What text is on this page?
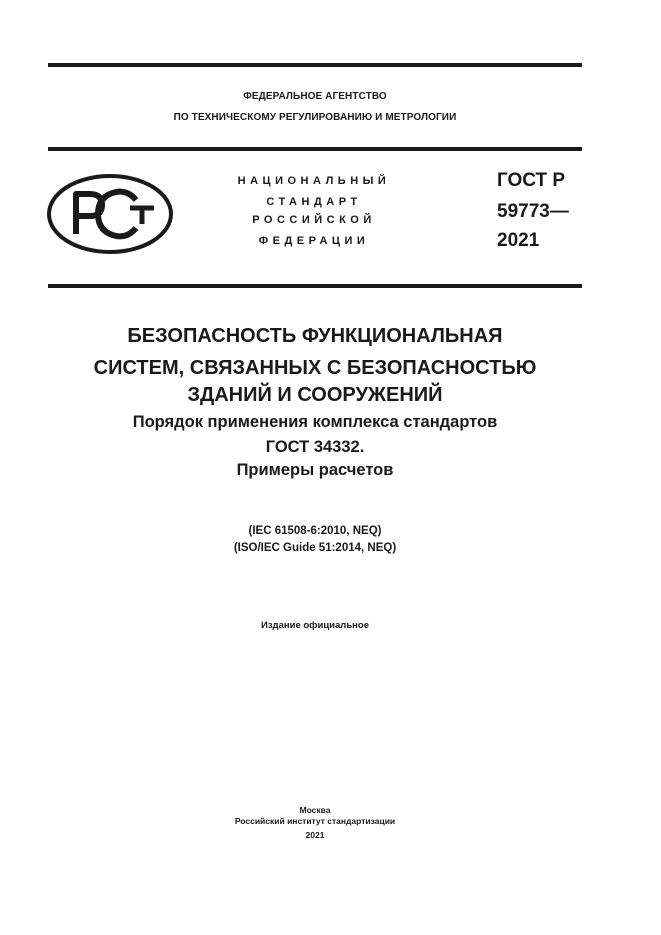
ФЕДЕРАЛЬНОЕ АГЕНТСТВО
ПО ТЕХНИЧЕСКОМУ РЕГУЛИРОВАНИЮ И МЕТРОЛОГИИ
НАЦИОНАЛЬНЫЙ
СТАНДАРТ
РОССИЙСКОЙ
ФЕДЕРАЦИИ
ГОСТ Р
59773—
2021
БЕЗОПАСНОСТЬ ФУНКЦИОНАЛЬНАЯ
СИСТЕМ, СВЯЗАННЫХ С БЕЗОПАСНОСТЬЮ
ЗДАНИЙ И СООРУЖЕНИЙ
Порядок применения комплекса стандартов
ГОСТ 34332.
Примеры расчетов
(IEC 61508-6:2010, NEQ)
(ISO/IEC Guide 51:2014, NEQ)
Издание официальное
Москва
Российский институт стандартизации
2021
